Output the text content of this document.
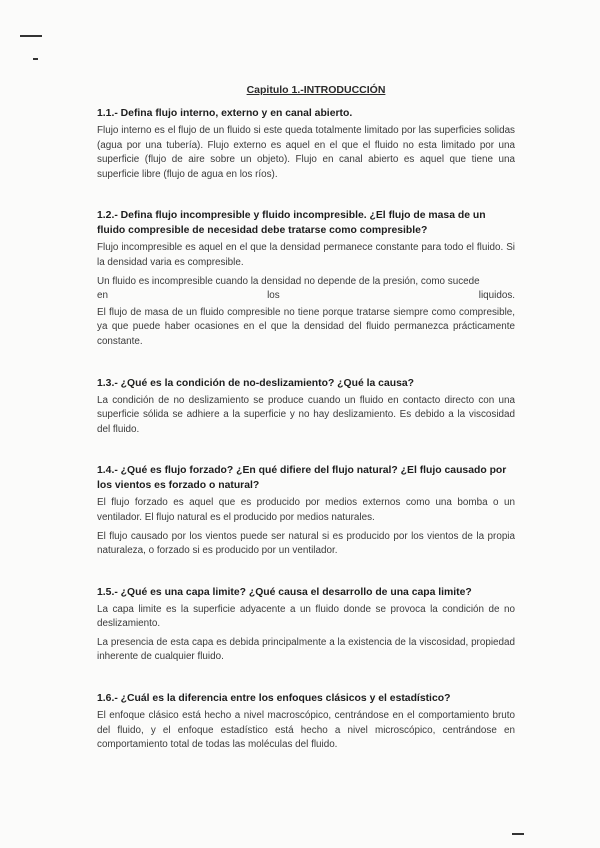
Capitulo 1.-INTRODUCCIÓN
1.1.- Defina flujo interno, externo y en canal abierto.

Flujo interno es el flujo de un fluido si este queda totalmente limitado por las superficies solidas (agua por una tubería). Flujo externo es aquel en el que el fluido no esta limitado por una superficie (flujo de aire sobre un objeto). Flujo en canal abierto es aquel que tiene una superficie libre (flujo de agua en los ríos).

1.2.- Defina flujo incompresible y fluido incompresible. ¿El flujo de masa de un fluido compresible de necesidad debe tratarse como compresible?

Flujo incompresible es aquel en el que la densidad permanece constante para todo el fluido. Si la densidad varia es compresible.

Un fluido es incompresible cuando la densidad no depende de la presión, como sucede

en	los	liquidos.

El flujo de masa de un fluido compresible no tiene porque tratarse siempre como compresible, ya que puede haber ocasiones en el que la densidad del fluido permanezca prácticamente constante.

1.3.- ¿Qué es la condición de no-deslizamiento? ¿Qué la causa?

La condición de no deslizamiento se produce cuando un fluido en contacto directo con una superficie sólida se adhiere a la superficie y no hay deslizamiento. Es debido a la viscosidad del fluido.

1.4.- ¿Qué es flujo forzado? ¿En qué difiere del flujo natural? ¿El flujo causado por los vientos es forzado o natural?

El flujo forzado es aquel que es producido por medios externos como una bomba o un ventilador. El flujo natural es el producido por medios naturales.

El flujo causado por los vientos puede ser natural si es producido por los vientos de la propia naturaleza, o forzado si es producido por un ventilador.

1.5.- ¿Qué es una capa limite? ¿Qué causa el desarrollo de una capa limite?

La capa limite es la superficie adyacente a un fluido donde se provoca la condición de no deslizamiento.

La presencia de esta capa es debida principalmente a la existencia de la viscosidad, propiedad inherente de cualquier fluido.

1.6.- ¿Cuál es la diferencia entre los enfoques clásicos y el estadístico?

El enfoque clásico está hecho a nivel macroscópico, centrándose en el comportamiento bruto del fluido, y el enfoque estadístico está hecho a nivel microscópico, centrándose en comportamiento total de todas las moléculas del fluido.
